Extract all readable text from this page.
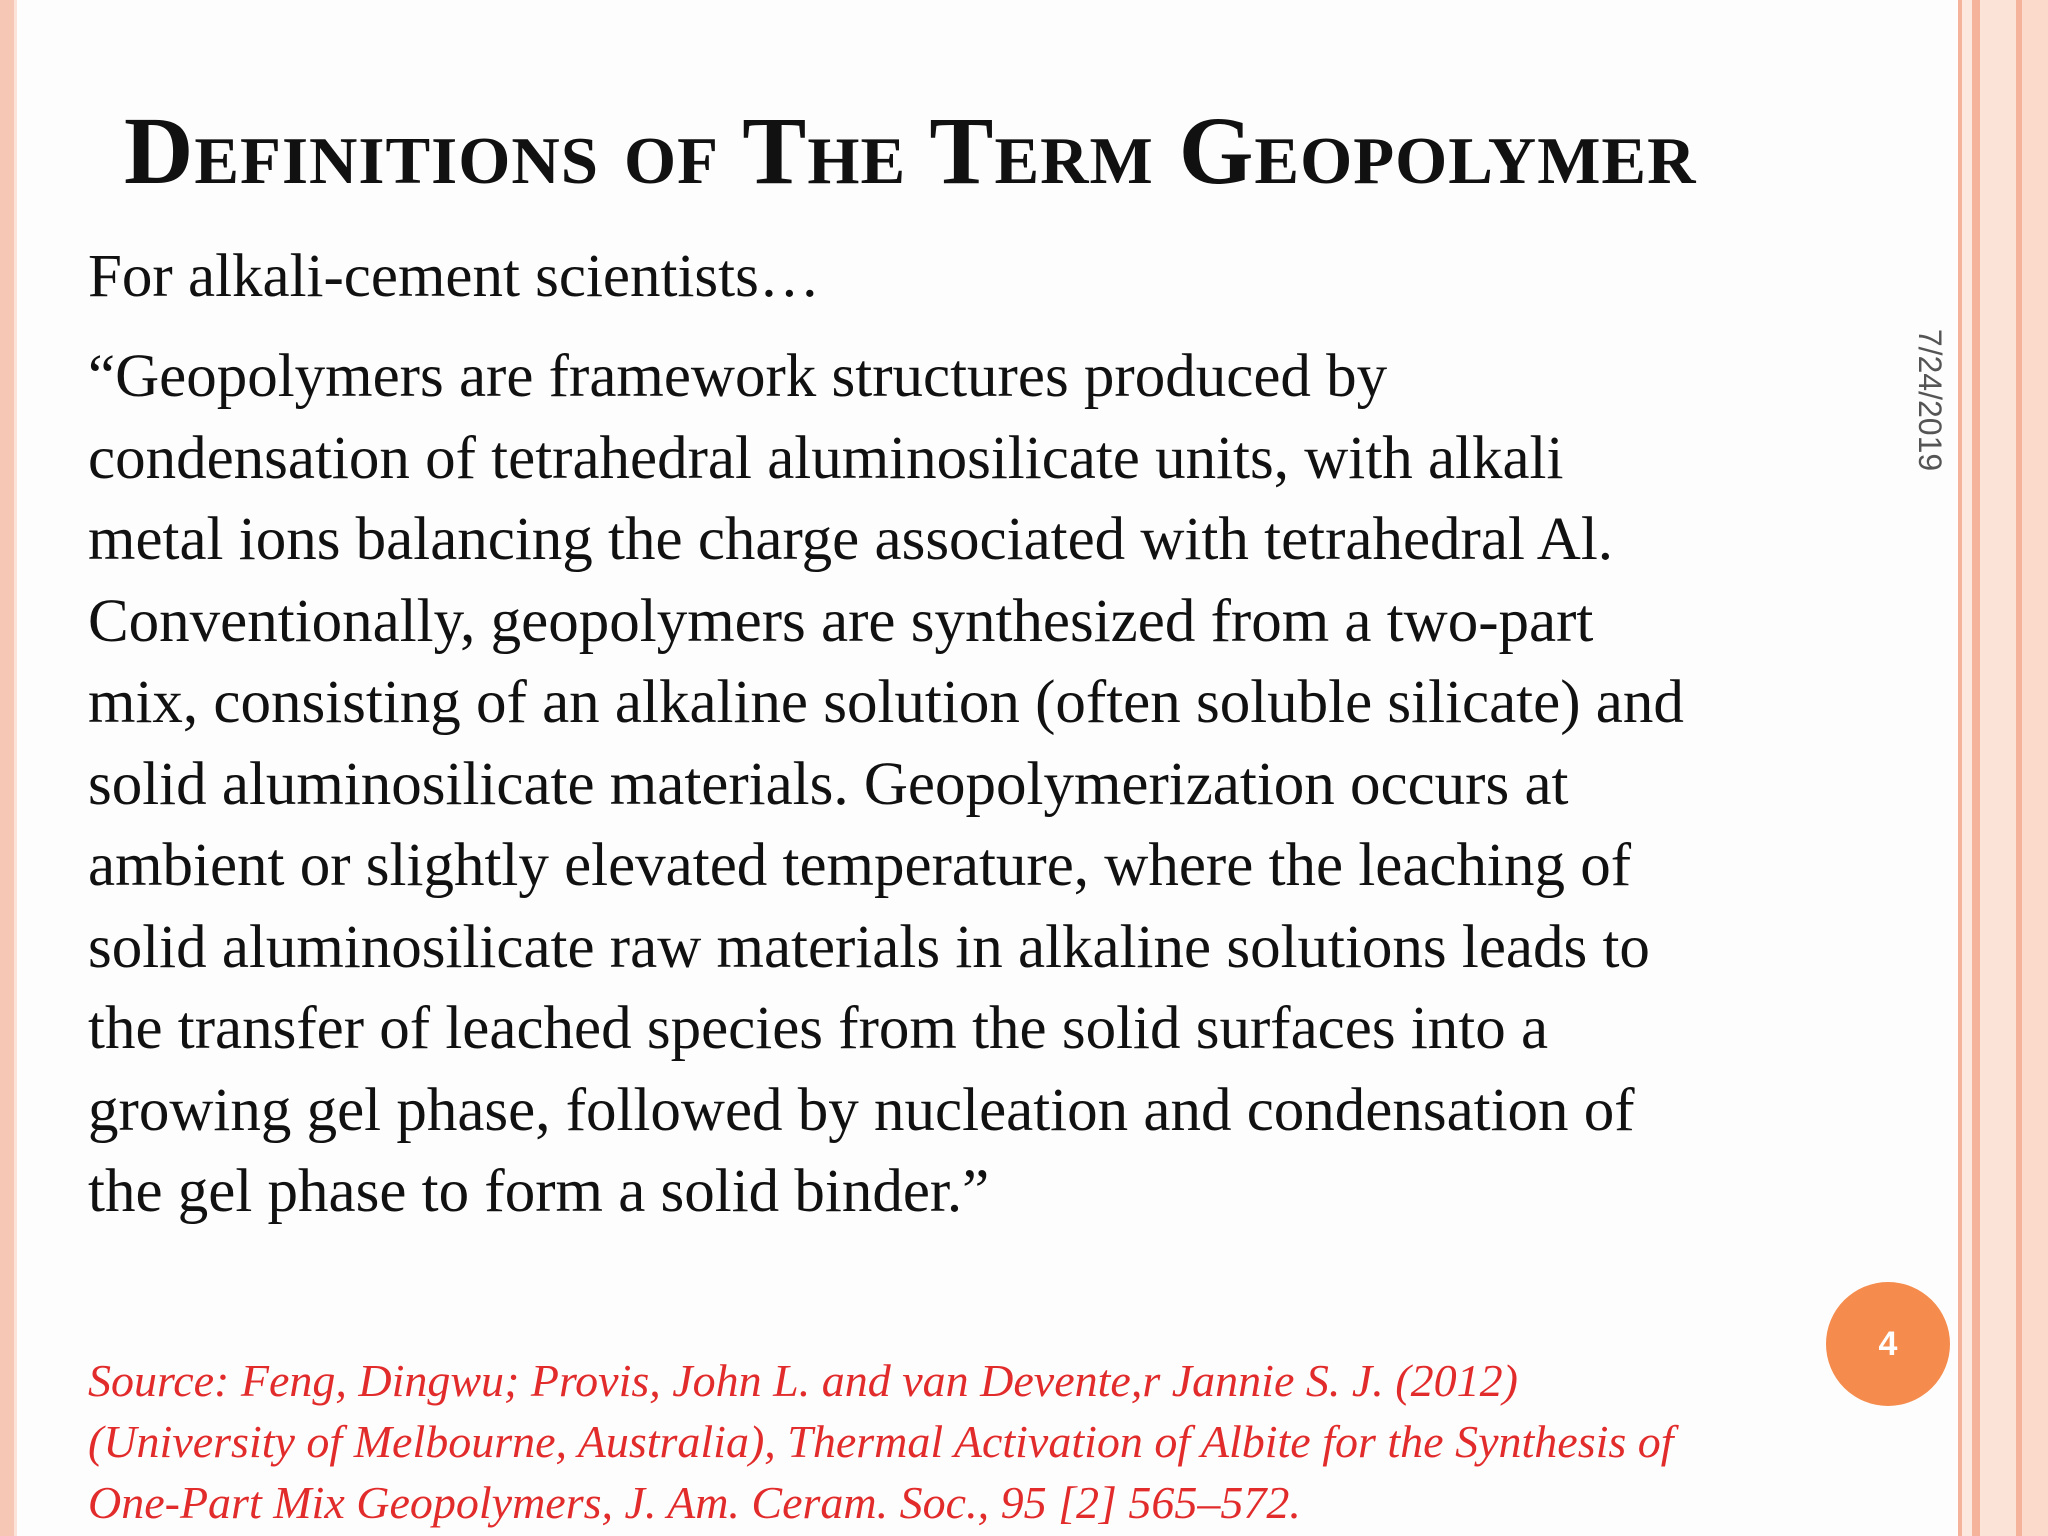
Definitions of The Term Geopolymer

For alkali-cement scientists…

“Geopolymers are framework structures produced by
condensation of tetrahedral aluminosilicate units, with alkali
metal ions balancing the charge associated with tetrahedral Al.
Conventionally, geopolymers are synthesized from a two-part
mix, consisting of an alkaline solution (often soluble silicate) and
solid aluminosilicate materials. Geopolymerization occurs at
ambient or slightly elevated temperature, where the leaching of
solid aluminosilicate raw materials in alkaline solutions leads to
the transfer of leached species from the solid surfaces into a
growing gel phase, followed by nucleation and condensation of
the gel phase to form a solid binder.”

7/24/2019
4

Source: Feng, Dingwu; Provis, John L. and van Devente,r Jannie S. J. (2012)
(University of Melbourne, Australia), Thermal Activation of Albite for the Synthesis of
One-Part Mix Geopolymers, J. Am. Ceram. Soc., 95 [2] 565–572.
